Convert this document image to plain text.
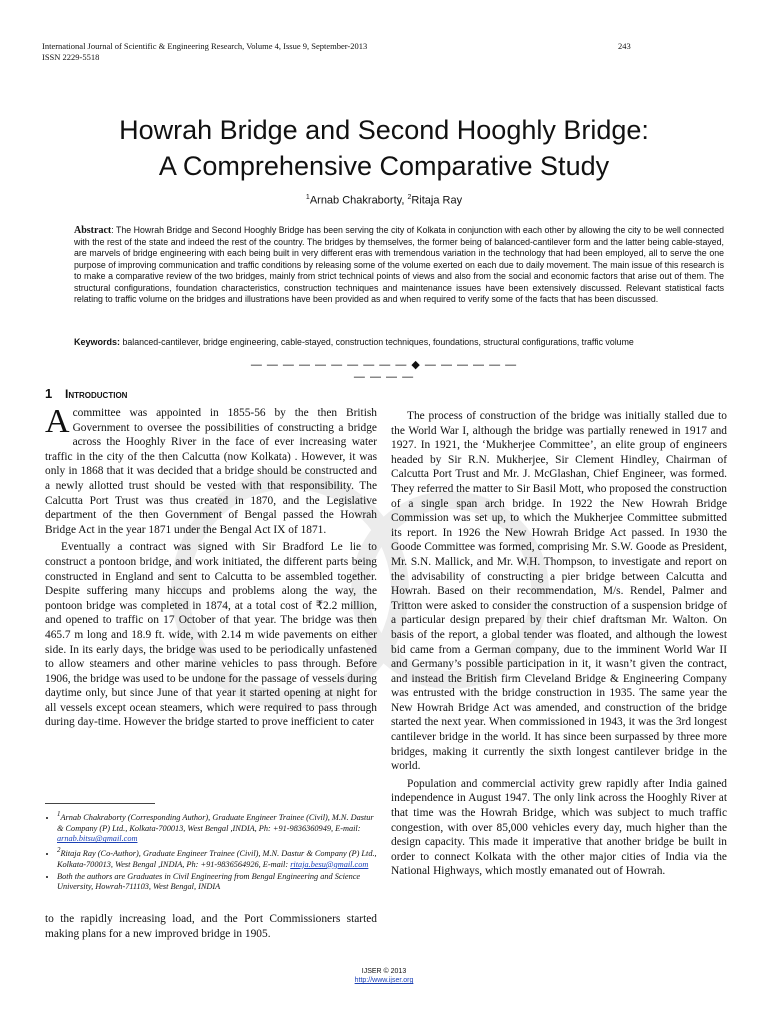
International Journal of Scientific & Engineering Research, Volume 4, Issue 9, September-2013
ISSN 2229-5518
243
Howrah Bridge and Second Hooghly Bridge:
A Comprehensive Comparative Study
$^1$Arnab Chakraborty, $^2$Ritaja Ray
Abstract: The Howrah Bridge and Second Hooghly Bridge has been serving the city of Kolkata in conjunction with each other by allowing the city to be well connected with the rest of the state and indeed the rest of the country. The bridges by themselves, the former being of balanced-cantilever form and the latter being cable-stayed, are marvels of bridge engineering with each being built in very different eras with tremendous variation in the technology that had been employed, all to serve the one purpose of improving communication and traffic conditions by releasing some of the volume exerted on each due to daily movement. The main issue of this research is to make a comparative review of the two bridges, mainly from strict technical points of views and also from the social and economic factors that arise out of them. The structural configurations, foundation characteristics, construction techniques and maintenance issues have been extensively discussed. Relevant statistical facts relating to traffic volume on the bridges and illustrations have been provided as and when required to verify some of the facts that has been discussed.
Keywords: balanced-cantilever, bridge engineering, cable-stayed, construction techniques, foundations, structural configurations, traffic volume
— — — — — — — — — — ◆ — — — — — — — — — —
1 Introduction

A committee was appointed in 1855-56 by the then British Government to oversee the possibilities of constructing a bridge across the Hooghly River in the face of ever increasing water traffic in the city of the then Calcutta (now Kolkata) . However, it was only in 1868 that it was decided that a bridge should be constructed and a newly allotted trust should be vested with that responsibility. The Calcutta Port Trust was thus created in 1870, and the Legislative department of the then Government of Bengal passed the Howrah Bridge Act in the year 1871 under the Bengal Act IX of 1871.

Eventually a contract was signed with Sir Bradford Le lie to construct a pontoon bridge, and work initiated, the different parts being constructed in England and sent to Calcutta to be assembled together. Despite suffering many hiccups and problems along the way, the pontoon bridge was completed in 1874, at a total cost of ₹2.2 million, and opened to traffic on 17 October of that year. The bridge was then 465.7 m long and 18.9 ft. wide, with 2.14 m wide pavements on either side. In its early days, the bridge was used to be periodically unfastened to allow steamers and other marine vehicles to pass through. Before 1906, the bridge was used to be undone for the passage of vessels during daytime only, but since June of that year it started opening at night for all vessels except ocean steamers, which were required to pass through during day-time. However the bridge started to prove inefficient to cater

• $^1$Arnab Chakraborty (Corresponding Author), Graduate Engineer Trainee (Civil), M.N. Dastur & Company (P) Ltd., Kolkata-700013, West Bengal ,INDIA, Ph: +91-9836360949, E-mail: arnab.bitsu@gmail.com
• $^2$Ritaja Ray (Co-Author), Graduate Engineer Trainee (Civil), M.N. Dastur & Company (P) Ltd., Kolkata-700013, West Bengal ,INDIA, Ph: +91-9836564926, E-mail: ritaja.besu@gmail.com
• Both the authors are Graduates in Civil Engineering from Bengal Engineering and Science University, Howrah-711103, West Bengal, INDIA

to the rapidly increasing load, and the Port Commissioners started making plans for a new improved bridge in 1905.

The process of construction of the bridge was initially stalled due to the World War I, although the bridge was partially renewed in 1917 and 1927. In 1921, the ‘Mukherjee Committee’, an elite group of engineers headed by Sir R.N. Mukherjee, Sir Clement Hindley, Chairman of Calcutta Port Trust and Mr. J. McGlashan, Chief Engineer, was formed. They referred the matter to Sir Basil Mott, who proposed the construction of a single span arch bridge. In 1922 the New Howrah Bridge Commission was set up, to which the Mukherjee Committee submitted its report. In 1926 the New Howrah Bridge Act passed. In 1930 the Goode Committee was formed, comprising Mr. S.W. Goode as President, Mr. S.N. Mallick, and Mr. W.H. Thompson, to investigate and report on the advisability of constructing a pier bridge between Calcutta and Howrah. Based on their recommendation, M/s. Rendel, Palmer and Tritton were asked to consider the construction of a suspension bridge of a particular design prepared by their chief draftsman Mr. Walton. On basis of the report, a global tender was floated, and although the lowest bid came from a German company, due to the imminent World War II and Germany’s possible participation in it, it wasn’t given the contract, and instead the British firm Cleveland Bridge & Engineering Company was entrusted with the bridge construction in 1935. The same year the New Howrah Bridge Act was amended, and construction of the bridge started the next year. When commissioned in 1943, it was the 3rd longest cantilever bridge in the world. It has since been surpassed by three more bridges, making it currently the sixth longest cantilever bridge in the world.

Population and commercial activity grew rapidly after India gained independence in August 1947. The only link across the Hooghly River at that time was the Howrah Bridge, which was subject to much traffic congestion, with over 85,000 vehicles every day, much higher than the design capacity. This made it imperative that another bridge be built in order to connect Kolkata with the other major cities of India via the National Highways, which mostly emanated out of Howrah.

IJSER © 2013
http://www.ijser.org
